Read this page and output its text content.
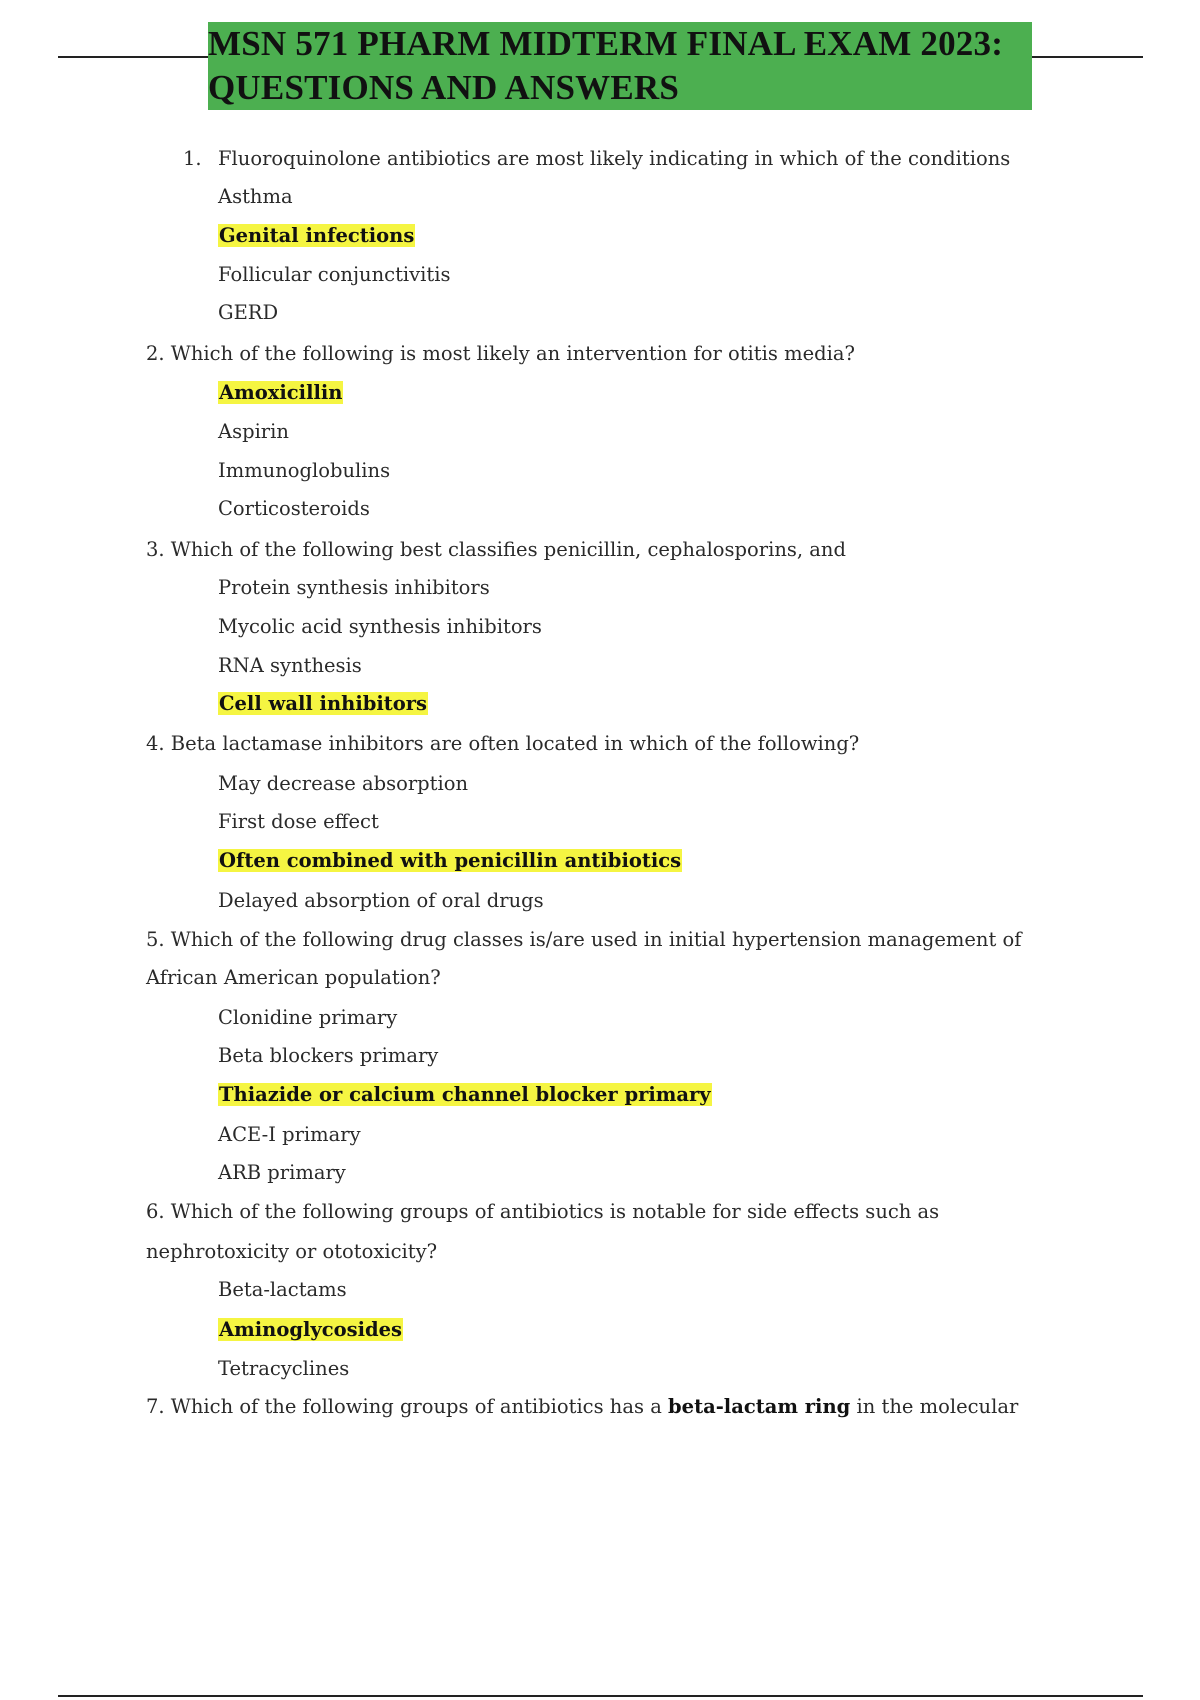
MSN 571 PHARM MIDTERM FINAL EXAM 2023:
QUESTIONS AND ANSWERS
1. Fluoroquinolone antibiotics are most likely indicating in which of the conditions
Asthma
Genital infections
Follicular conjunctivitis
GERD
2. Which of the following is most likely an intervention for otitis media?
Amoxicillin
Aspirin
Immunoglobulins
Corticosteroids
3. Which of the following best classifies penicillin, cephalosporins, and
Protein synthesis inhibitors
Mycolic acid synthesis inhibitors
RNA synthesis
Cell wall inhibitors
4. Beta lactamase inhibitors are often located in which of the following?
May decrease absorption
First dose effect
Often combined with penicillin antibiotics
Delayed absorption of oral drugs
5. Which of the following drug classes is/are used in initial hypertension management of
African American population?
Clonidine primary
Beta blockers primary
Thiazide or calcium channel blocker primary
ACE-I primary
ARB primary
6. Which of the following groups of antibiotics is notable for side effects such as
nephrotoxicity or ototoxicity?
Beta-lactams
Aminoglycosides
Tetracyclines
7. Which of the following groups of antibiotics has a beta-lactam ring in the molecular
